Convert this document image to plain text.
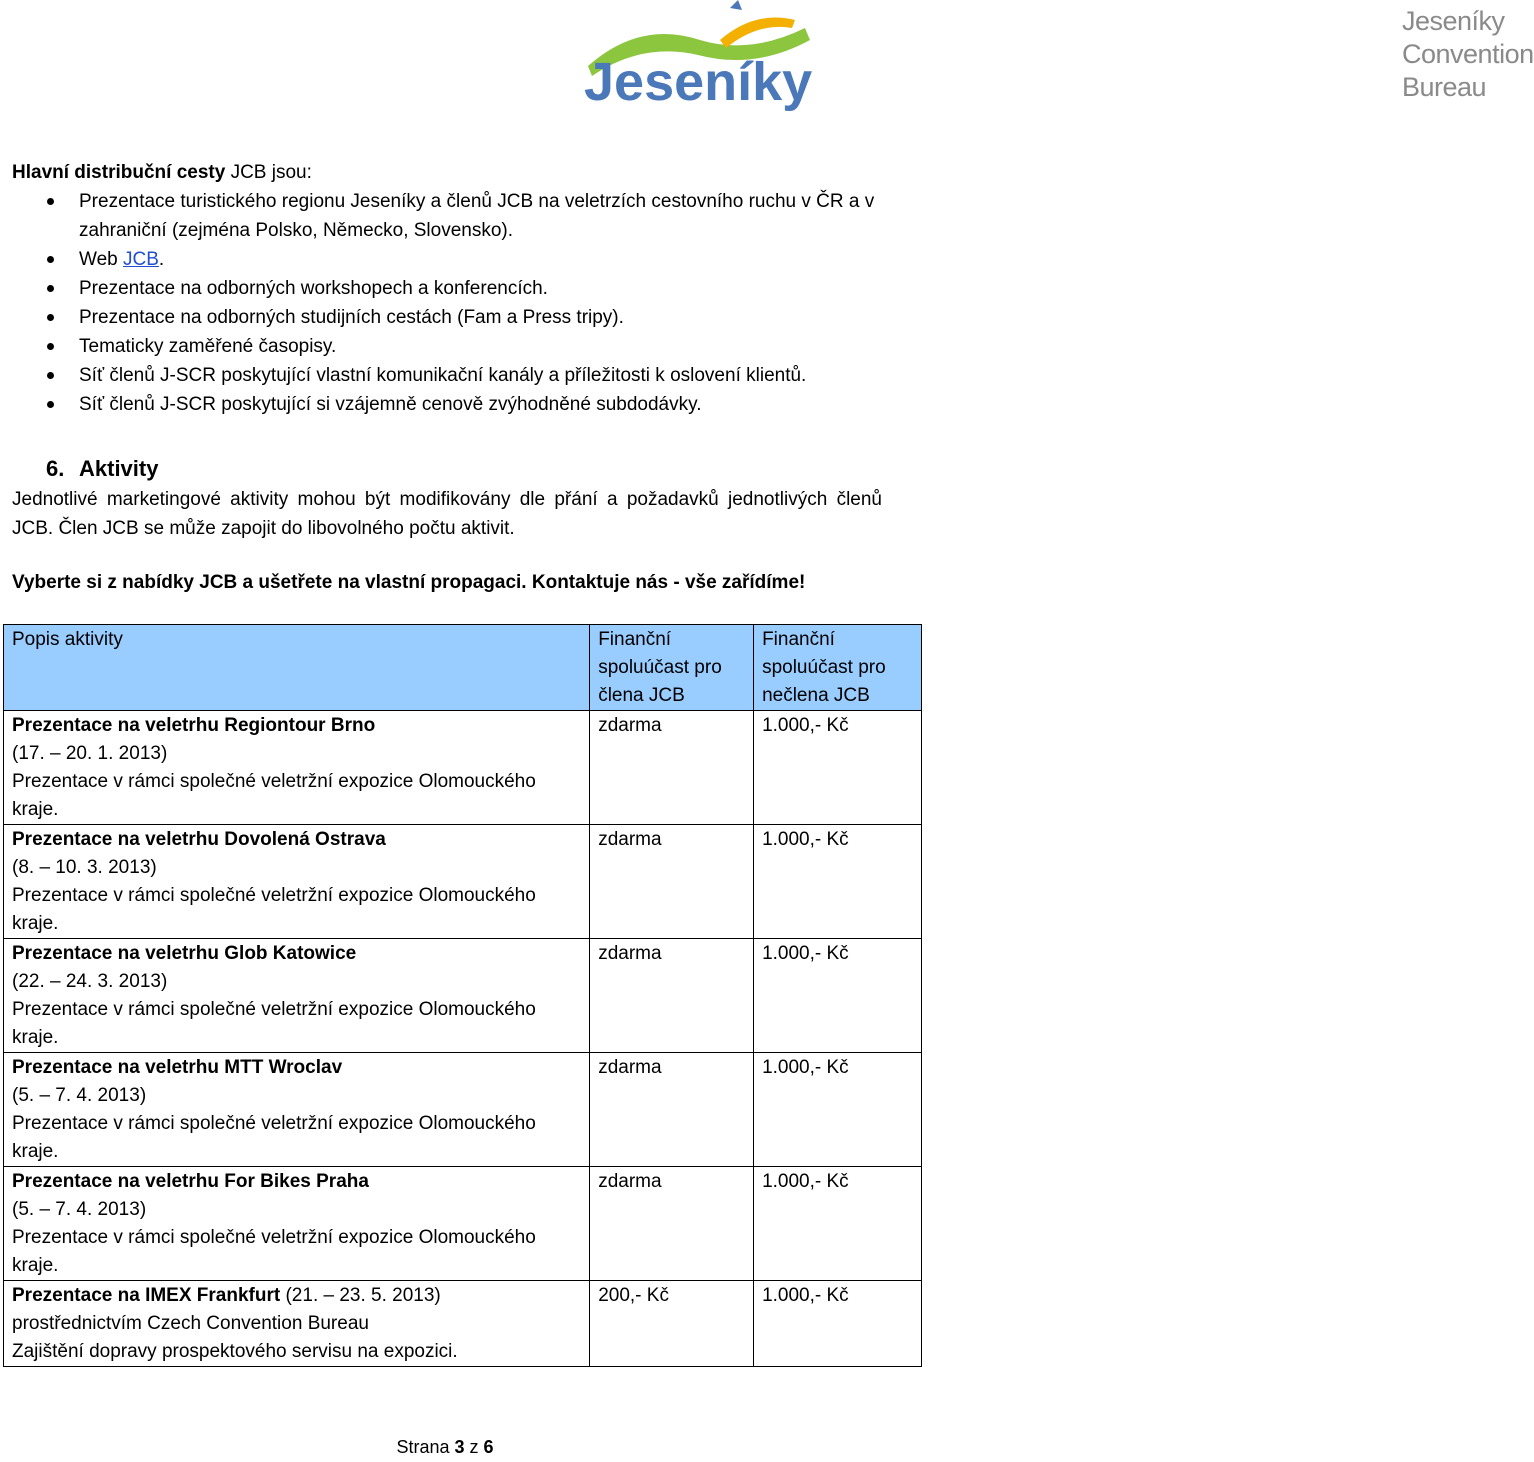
Jeseníky
Jeseníky
Convention
Bureau
Hlavní distribuční cesty JCB jsou:
Prezentace turistického regionu Jeseníky a členů JCB na veletrzích cestovního ruchu v ČR a v zahraniční (zejména Polsko, Německo, Slovensko).
Web JCB.
Prezentace na odborných workshopech a konferencích.
Prezentace na odborných studijních cestách (Fam a Press tripy).
Tematicky zaměřené časopisy.
Síť členů J-SCR poskytující vlastní komunikační kanály a příležitosti k oslovení klientů.
Síť členů J-SCR poskytující si vzájemně cenově zvýhodněné subdodávky.
6. Aktivity

Jednotlivé marketingové aktivity mohou být modifikovány dle přání a požadavků jednotlivých členů JCB. Člen JCB se může zapojit do libovolného počtu aktivit.

Vyberte si z nabídky JCB a ušetřete na vlastní propagaci. Kontaktuje nás - vše zařídíme!
Popis aktivity	Finanční spoluúčast pro člena JCB	Finanční spoluúčast pro nečlena JCB

Prezentace na veletrhu Regiontour Brno
(17. – 20. 1. 2013)
Prezentace v rámci společné veletržní expozice Olomouckého kraje.	zdarma	1.000,- Kč

Prezentace na veletrhu Dovolená Ostrava
(8. – 10. 3. 2013)
Prezentace v rámci společné veletržní expozice Olomouckého kraje.	zdarma	1.000,- Kč

Prezentace na veletrhu Glob Katowice
(22. – 24. 3. 2013)
Prezentace v rámci společné veletržní expozice Olomouckého kraje.	zdarma	1.000,- Kč

Prezentace na veletrhu MTT Wroclav
(5. – 7. 4. 2013)
Prezentace v rámci společné veletržní expozice Olomouckého kraje.	zdarma	1.000,- Kč

Prezentace na veletrhu For Bikes Praha
(5. – 7. 4. 2013)
Prezentace v rámci společné veletržní expozice Olomouckého kraje.	zdarma	1.000,- Kč

Prezentace na IMEX Frankfurt (21. – 23. 5. 2013)
prostřednictvím Czech Convention Bureau
Zajištění dopravy prospektového servisu na expozici.	200,- Kč	1.000,- Kč
Strana 3 z 6
